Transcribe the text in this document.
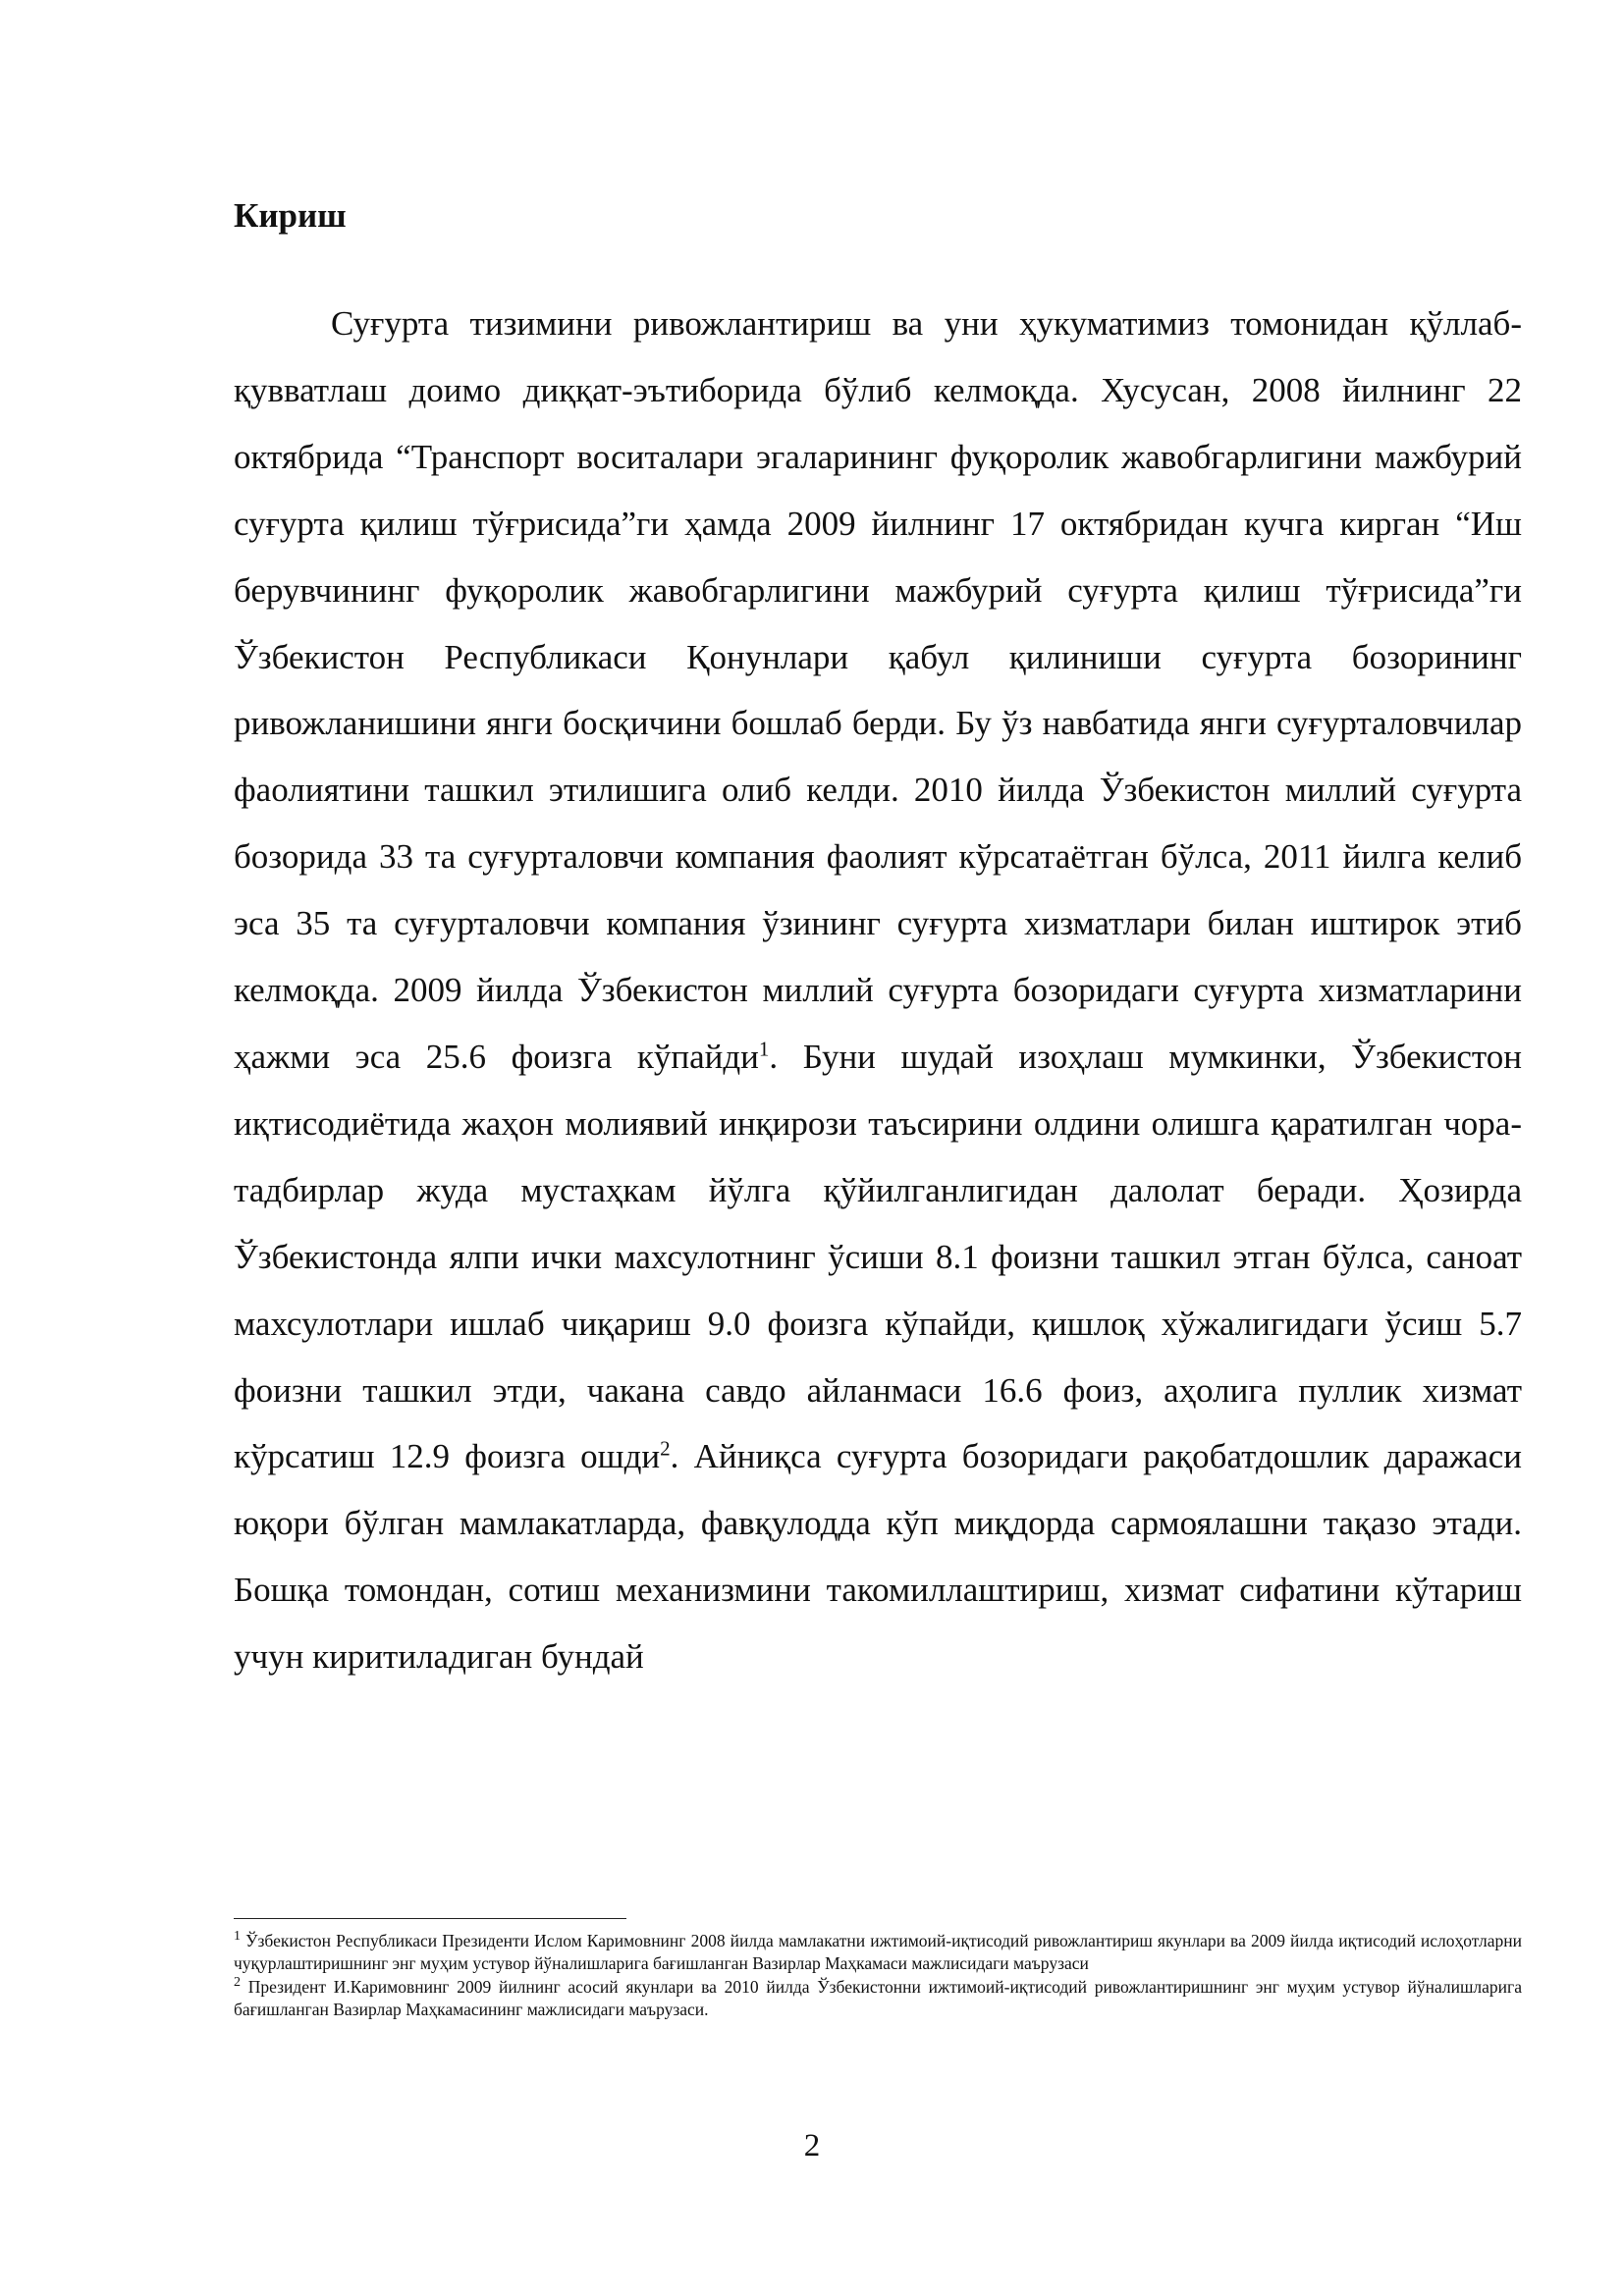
Кириш

Суғурта тизимини ривожлантириш ва уни ҳукуматимиз томонидан қўллаб-қувватлаш доимо диққат-эътиборида бўлиб келмоқда. Хусусан, 2008 йилнинг 22 октябрида “Транспорт воситалари эгаларининг фуқоролик жавобгарлигини мажбурий суғурта қилиш тўғрисида”ги ҳамда 2009 йилнинг 17 октябридан кучга кирган “Иш берувчининг фуқоролик жавобгарлигини мажбурий суғурта қилиш тўғрисида”ги Ўзбекистон Республикаси Қонунлари қабул қилиниши суғурта бозорининг ривожланишини янги босқичини бошлаб берди. Бу ўз навбатида янги суғурталовчилар фаолиятини ташкил этилишига олиб келди. 2010 йилда Ўзбекистон миллий суғурта бозорида 33 та суғурталовчи компания фаолият кўрсатаётган бўлса, 2011 йилга келиб эса 35 та суғурталовчи компания ўзининг суғурта хизматлари билан иштирок этиб келмоқда. 2009 йилда Ўзбекистон миллий суғурта бозоридаги суғурта хизматларини ҳажми эса 25.6 фоизга кўпайди$^1$. Буни шудай изоҳлаш мумкинки, Ўзбекистон иқтисодиётида жаҳон молиявий инқирози таъсирини олдини олишга қаратилган чора-тадбирлар жуда мустаҳкам йўлга қўйилганлигидан далолат беради. Ҳозирда Ўзбекистонда ялпи ички махсулотнинг ўсиши 8.1 фоизни ташкил этган бўлса, саноат махсулотлари ишлаб чиқариш 9.0 фоизга кўпайди, қишлоқ хўжалигидаги ўсиш 5.7 фоизни ташкил этди, чакана савдо айланмаси 16.6 фоиз, аҳолига пуллик хизмат кўрсатиш 12.9 фоизга ошди$^2$. Айниқса суғурта бозоридаги рақобатдошлик даражаси юқори бўлган мамлакатларда, фавқулодда кўп миқдорда сармоялашни тақазо этади. Бошқа томондан, сотиш механизмини такомиллаштириш, хизмат сифатини кўтариш учун киритиладиган бундай

$^1$ Ўзбекистон Республикаси Президенти Ислом Каримовнинг 2008 йилда мамлакатни ижтимоий-иқтисодий ривожлантириш якунлари ва 2009 йилда иқтисодий ислоҳотларни чуқурлаштиришнинг энг муҳим устувор йўналишларига бағишланган Вазирлар Маҳкамаси мажлисидаги маърузаси

$^2$ Президент И.Каримовнинг 2009 йилнинг асосий якунлари ва 2010 йилда Ўзбекистонни ижтимоий-иқтисодий ривожлантиришнинг энг муҳим устувор йўналишларига бағишланган Вазирлар Маҳкамасининг мажлисидаги маърузаси.

2
